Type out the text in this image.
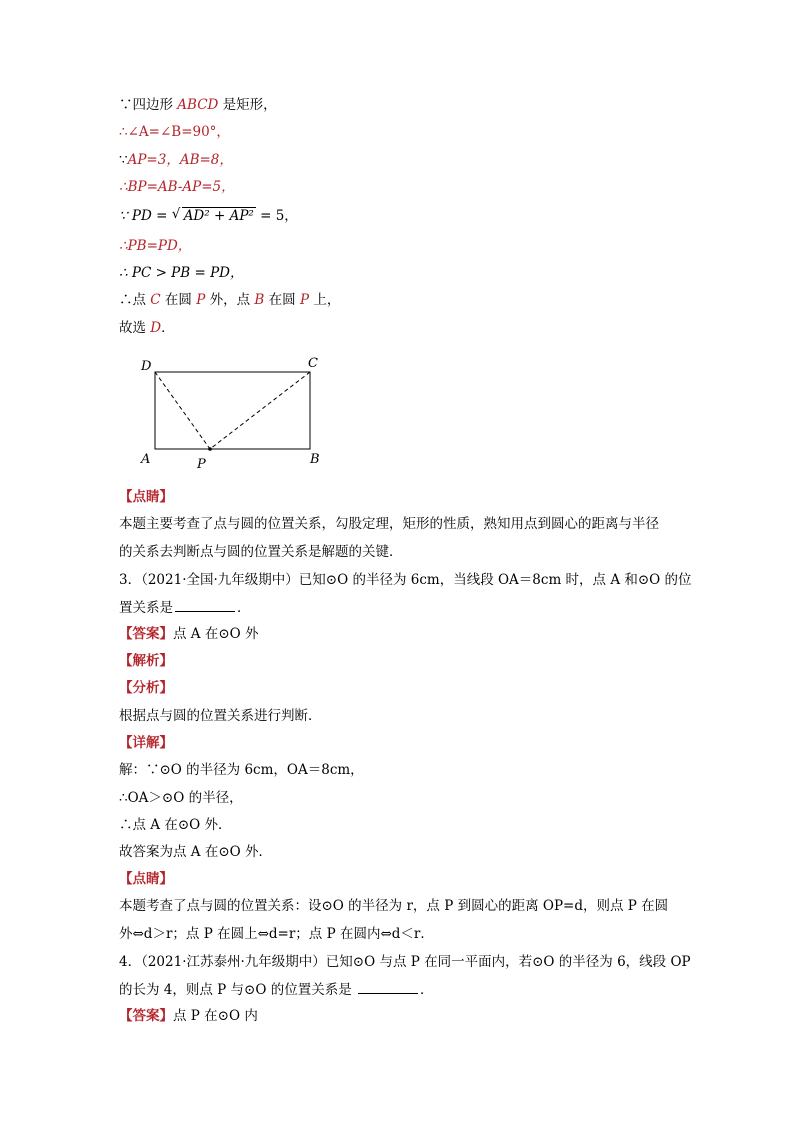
∵四边形 ABCD 是矩形，
∴∠A=∠B=90°，
∵AP=3，AB=8，
∴BP=AB-AP=5，
∵ PD = √ AD² + AP² = 5，
∴PB=PD，
∴ PC > PB = PD，
∴点 C 在圆 P 外，点 B 在圆 P 上，
故选 D．
D	C
A	P	B
【点睛】
本题主要考查了点与圆的位置关系，勾股定理，矩形的性质，熟知用点到圆心的距离与半径
的关系去判断点与圆的位置关系是解题的关键．
3．（2021·全国·九年级期中）已知⊙O 的半径为 6cm，当线段 OA＝8cm 时，点 A 和⊙O 的位
置关系是	．
【答案】点 A 在⊙O 外
【解析】
【分析】
根据点与圆的位置关系进行判断．
【详解】
解：∵⊙O 的半径为 6cm，OA＝8cm，
∴OA＞⊙O 的半径，
∴点 A 在⊙O 外．
故答案为点 A 在⊙O 外．
【点睛】
本题考查了点与圆的位置关系：设⊙O 的半径为 r，点 P 到圆心的距离 OP=d，则点 P 在圆
外⇔d＞r；点 P 在圆上⇔d=r；点 P 在圆内⇔d＜r．
4．（2021·江苏泰州·九年级期中）已知⊙O 与点 P 在同一平面内，若⊙O 的半径为 6，线段 OP
的长为 4，则点 P 与⊙O 的位置关系是	．
【答案】点 P 在⊙O 内
